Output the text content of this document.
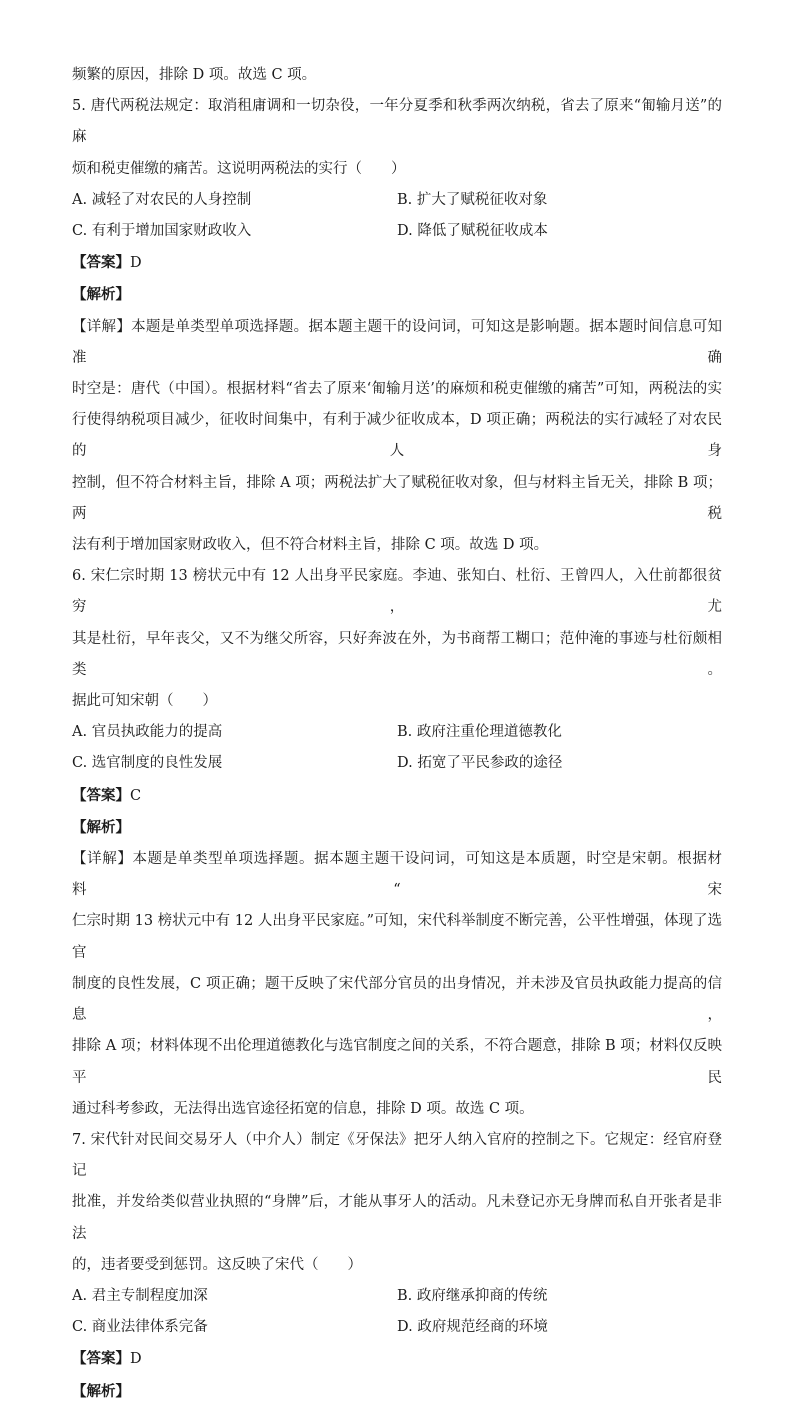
频繁的原因，排除 D 项。故选 C 项。

5. 唐代两税法规定：取消租庸调和一切杂役，一年分夏季和秋季两次纳税，省去了原来“匍输月送”的麻

烦和税吏催缴的痛苦。这说明两税法的实行（　　）

A. 减轻了对农民的人身控制	B. 扩大了赋税征收对象
C. 有利于增加国家财政收入	D. 降低了赋税征收成本

【答案】D

【解析】

【详解】本题是单类型单项选择题。据本题主题干的设问词，可知这是影响题。据本题时间信息可知准确

时空是：唐代（中国）。根据材料“省去了原来‘匍输月送’的麻烦和税吏催缴的痛苦”可知，两税法的实

行使得纳税项目减少，征收时间集中，有利于减少征收成本，D 项正确；两税法的实行减轻了对农民的人身

控制，但不符合材料主旨，排除 A 项；两税法扩大了赋税征收对象，但与材料主旨无关，排除 B 项；两税

法有利于增加国家财政收入，但不符合材料主旨，排除 C 项。故选 D 项。

6. 宋仁宗时期 13 榜状元中有 12 人出身平民家庭。李迪、张知白、杜衍、王曾四人，入仕前都很贫穷，尤

其是杜衍，早年丧父，又不为继父所容，只好奔波在外，为书商帮工糊口；范仲淹的事迹与杜衍颇相类。

据此可知宋朝（　　）

A. 官员执政能力的提高	B. 政府注重伦理道德教化
C. 选官制度的良性发展	D. 拓宽了平民参政的途径

【答案】C

【解析】

【详解】本题是单类型单项选择题。据本题主题干设问词，可知这是本质题，时空是宋朝。根据材料“宋

仁宗时期 13 榜状元中有 12 人出身平民家庭。”可知，宋代科举制度不断完善，公平性增强，体现了选官

制度的良性发展，C 项正确；题干反映了宋代部分官员的出身情况，并未涉及官员执政能力提高的信息，

排除 A 项；材料体现不出伦理道德教化与选官制度之间的关系，不符合题意，排除 B 项；材料仅反映平民

通过科考参政，无法得出选官途径拓宽的信息，排除 D 项。故选 C 项。

7. 宋代针对民间交易牙人（中介人）制定《牙保法》把牙人纳入官府的控制之下。它规定：经官府登记

批准，并发给类似营业执照的“身牌”后，才能从事牙人的活动。凡未登记亦无身牌而私自开张者是非法

的，违者要受到惩罚。这反映了宋代（　　）

A. 君主专制程度加深	B. 政府继承抑商的传统
C. 商业法律体系完备	D. 政府规范经商的环境

【答案】D

【解析】
